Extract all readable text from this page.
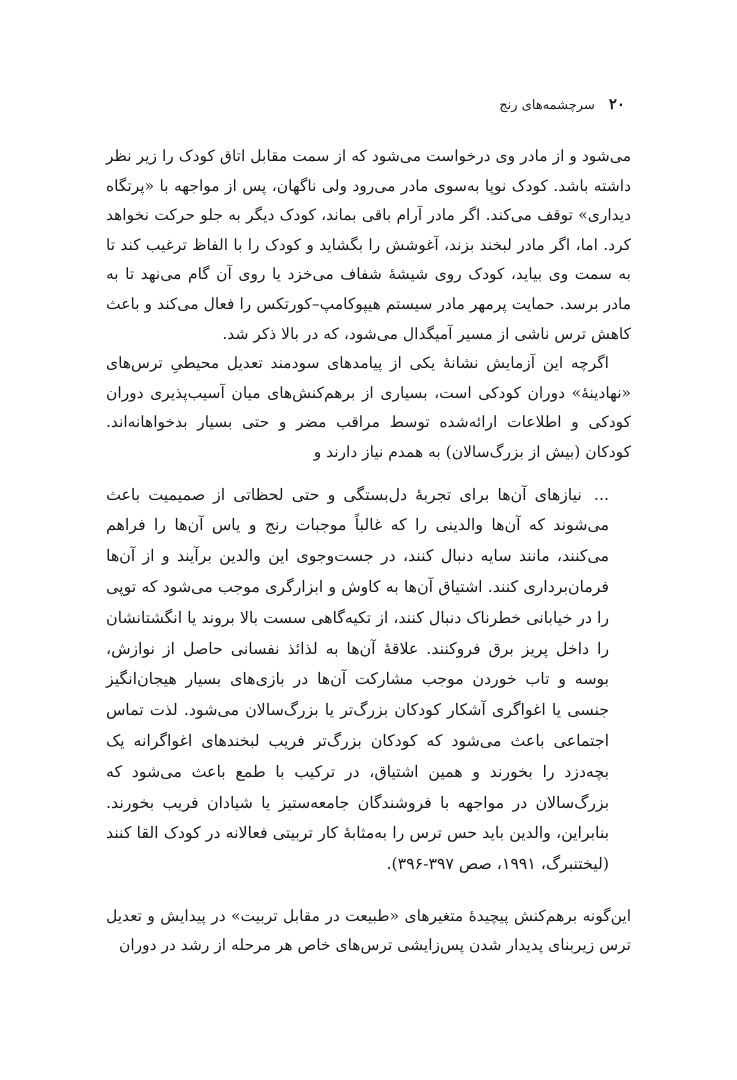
۲۰
سرچشمه‌های رنج

می‌شود و از مادر وی درخواست می‌شود که از سمت مقابل اتاق کودک را زیر نظر داشته باشد. کودک نوپا به‌سوی مادر می‌رود ولی ناگهان، پس از مواجهه با «پرتگاه دیداری» توقف می‌کند. اگر مادر آرام باقی بماند، کودک دیگر به جلو حرکت نخواهد کرد. اما، اگر مادر لبخند بزند، آغوشش را بگشاید و کودک را با الفاظ ترغیب کند تا به سمت وی بیاید، کودک روی شیشهٔ شفاف می‌خزد یا روی آن گام می‌نهد تا به مادر برسد. حمایت پرمهر مادر سیستم هیپوکامپ–کورتکس را فعال می‌کند و باعث کاهش ترس ناشی از مسیر آمیگدال می‌شود، که در بالا ذکر شد.

اگرچه این آزمایش نشانهٔ یکی از پیامدهای سودمند تعدیل محیطیِ ترس‌های «نهادینهٔ» دوران کودکی است، بسیاری از برهم‌کنش‌های میان آسیب‌پذیری دوران کودکی و اطلاعات ارائه‌شده توسط مراقب مضر و حتی بسیار بدخواهانه‌اند. کودکان (بیش از بزرگ‌سالان) به همدم نیاز دارند و

... نیازهای آن‌ها برای تجربهٔ دل‌بستگی و حتی لحظاتی از صمیمیت باعث می‌شوند که آن‌ها والدینی را که غالباً موجبات رنج و یاس آن‌ها را فراهم می‌کنند، مانند سایه دنبال کنند، در جست‌وجوی این والدین برآیند و از آن‌ها فرمان‌برداری کنند. اشتیاق آن‌ها به کاوش و ابزارگری موجب می‌شود که توپی را در خیابانی خطرناک دنبال کنند، از تکیه‌گاهی سست بالا بروند یا انگشتانشان را داخل پریز برق فروکنند. علاقهٔ آن‌ها به لذائذ نفسانی حاصل از نوازش، بوسه و تاب خوردن موجب مشارکت آن‌ها در بازی‌های بسیار هیجان‌انگیز جنسی یا اغواگری آشکار کودکان بزرگ‌تر یا بزرگ‌سالان می‌شود. لذت تماس اجتماعی باعث می‌شود که کودکان بزرگ‌تر فریب لبخندهای اغواگرانه یک بچه‌دزد را بخورند و همین اشتیاق، در ترکیب با طمع باعث می‌شود که بزرگ‌سالان در مواجهه با فروشندگان جامعه‌ستیز یا شیادان فریب بخورند. بنابراین، والدین باید حس ترس را به‌مثابهٔ کار تربیتی فعالانه در کودک القا کنند (لیختنبرگ، ۱۹۹۱، صص ۳۹۷-۳۹۶).

این‌گونه برهم‌کنش پیچیدهٔ متغیرهای «طبیعت در مقابل تربیت» در پیدایش و تعدیل ترس زیربنای پدیدار شدن پس‌زایشی ترس‌های خاص هر مرحله از رشد در دوران
